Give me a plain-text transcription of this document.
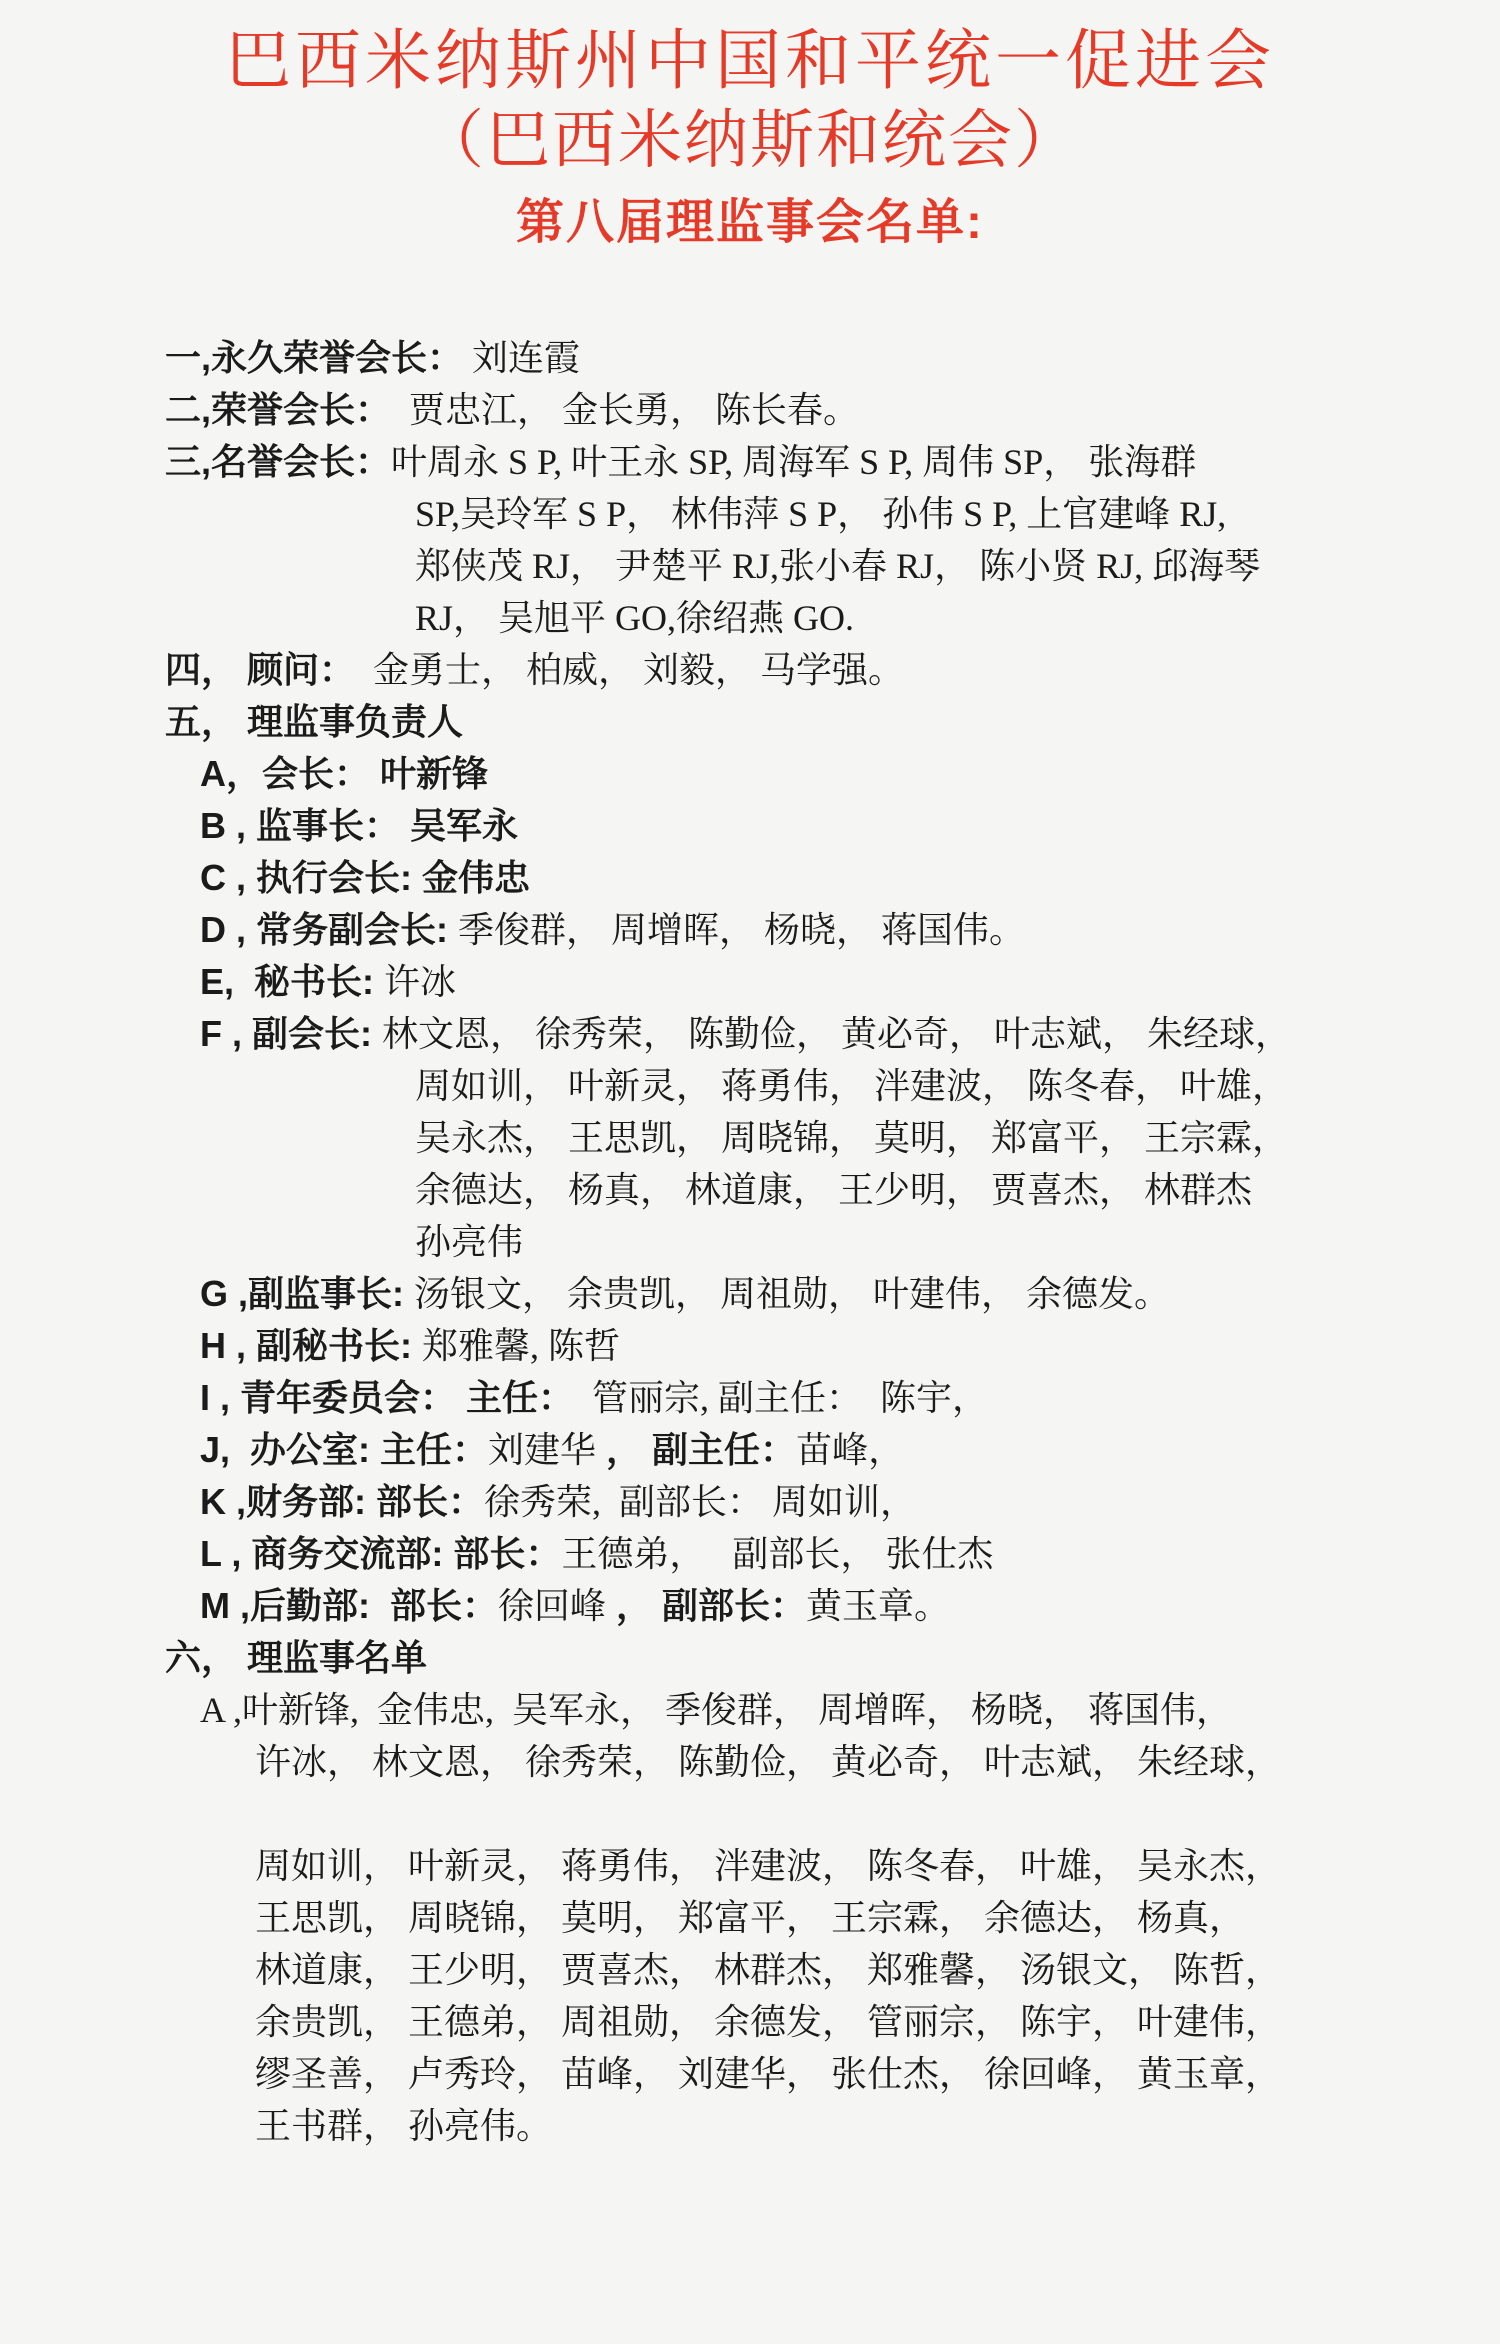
巴西米纳斯州中国和平统一促进会
（巴西米纳斯和统会）
第八届理监事会名单:
一,永久荣誉会长： 刘连霞
二,荣誉会长：  贾忠江， 金长勇， 陈长春。
三,名誉会长：叶周永 S P, 叶王永 SP, 周海军 S P, 周伟 SP， 张海群
SP,吴玲军 S P， 林伟萍 S P， 孙伟 S P, 上官建峰 RJ,
郑侠茂 RJ， 尹楚平 RJ,张小春 RJ， 陈小贤 RJ, 邱海琴
RJ， 吴旭平 GO,徐绍燕 GO.
四， 顾问：  金勇士， 柏威， 刘毅， 马学强。
五， 理监事负责人
A，会长： 叶新锋
B , 监事长： 吴军永
C , 执行会长: 金伟忠
D , 常务副会长: 季俊群， 周增晖， 杨晓， 蒋国伟。
E,  秘书长: 许冰
F , 副会长: 林文恩， 徐秀荣， 陈勤俭， 黄必奇， 叶志斌， 朱经球，
周如训， 叶新灵， 蒋勇伟， 泮建波， 陈冬春， 叶雄，
吴永杰， 王思凯， 周晓锦， 莫明， 郑富平， 王宗霖，
余德达， 杨真， 林道康， 王少明， 贾喜杰， 林群杰
孙亮伟
G ,副监事长: 汤银文， 余贵凯， 周祖勋， 叶建伟， 余德发。
H , 副秘书长: 郑雅馨, 陈哲
I , 青年委员会： 主任：  管丽宗, 副主任：  陈宇，
J,  办公室: 主任：刘建华 ， 副主任：苗峰，
K ,财务部: 部长：徐秀荣,  副部长： 周如训，
L , 商务交流部: 部长：王德弟，   副部长， 张仕杰
M ,后勤部:  部长：徐回峰 ， 副部长：黄玉章。
六， 理监事名单
A ,叶新锋,  金伟忠,  吴军永， 季俊群， 周增晖， 杨晓， 蒋国伟，
许冰， 林文恩， 徐秀荣， 陈勤俭， 黄必奇， 叶志斌， 朱经球，
周如训， 叶新灵， 蒋勇伟， 泮建波， 陈冬春， 叶雄， 吴永杰，
王思凯， 周晓锦， 莫明， 郑富平， 王宗霖， 余德达， 杨真，
林道康， 王少明， 贾喜杰， 林群杰， 郑雅馨， 汤银文， 陈哲，
余贵凯， 王德弟， 周祖勋， 余德发， 管丽宗， 陈宇， 叶建伟，
缪圣善， 卢秀玲， 苗峰， 刘建华， 张仕杰， 徐回峰， 黄玉章，
王书群， 孙亮伟。
